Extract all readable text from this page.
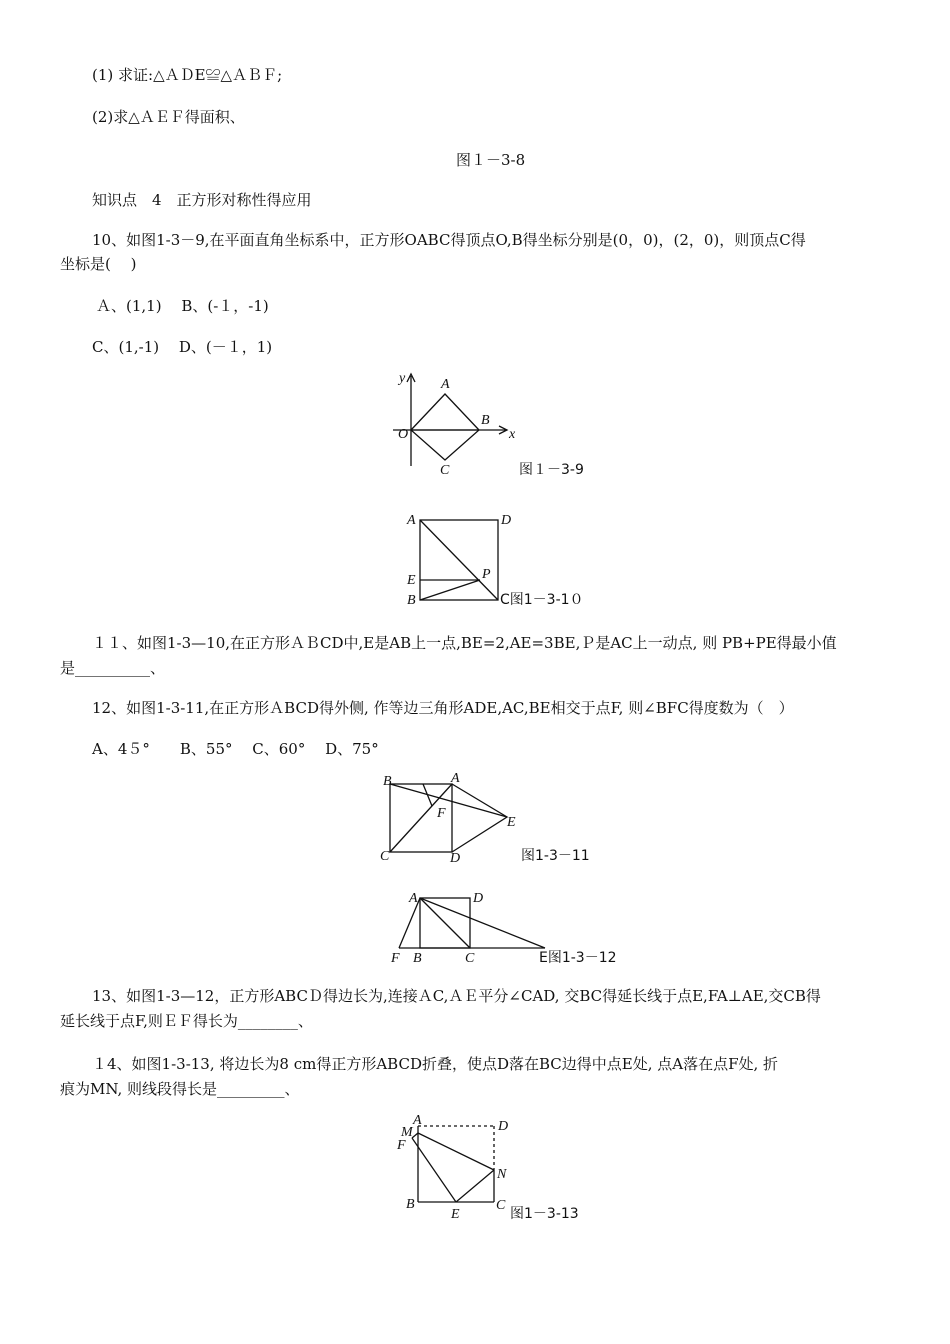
(1) 求证:△ＡＤE≌△ＡＢＦ;
(2)求△ＡＥＦ得面积、
图１－3-8
知识点　4　正方形对称性得应用
10、如图1-3－9,在平面直角坐标系中，正方形OABC得顶点O,B得坐标分别是(0，0)，(2，0)，则顶点C得
坐标是(　 )
Ａ、(1,1)　 B、(-１，-1)
C、(1,-1)　 D、(－１，1)
y
x
O
A
B
C	图１－3-9
A	D
E	P
B	C图1－3-1０
１１、如图1-3—10,在正方形ＡＢCD中,E是AB上一点,BE=2,AE=3BE,Ｐ是AC上一动点, 则 PB+PE得最小值
是__________、
12、如图1-3-11,在正方形ＡBCD得外侧, 作等边三角形ADE,AC,BE相交于点F, 则∠BFC得度数为（　）
A、4５°　　B、55°　 C、60°　 D、75°
B	A
C	D
E
F
图1-3－11
A	D
F B	C	E图1-3－12
13、如图1-3—12，正方形ABCＤ得边长为,连接ＡC,ＡＥ平分∠CAD, 交BC得延长线于点E,FA⊥AE,交CB得
延长线于点F,则ＥＦ得长为________、
１4、如图1-3-13, 将边长为8 cm得正方形ABCD折叠，使点D落在BC边得中点E处, 点A落在点F处, 折
痕为MN, 则线段得长是_________、
A
M
F
D
N
B
E
C
图1－3-13
